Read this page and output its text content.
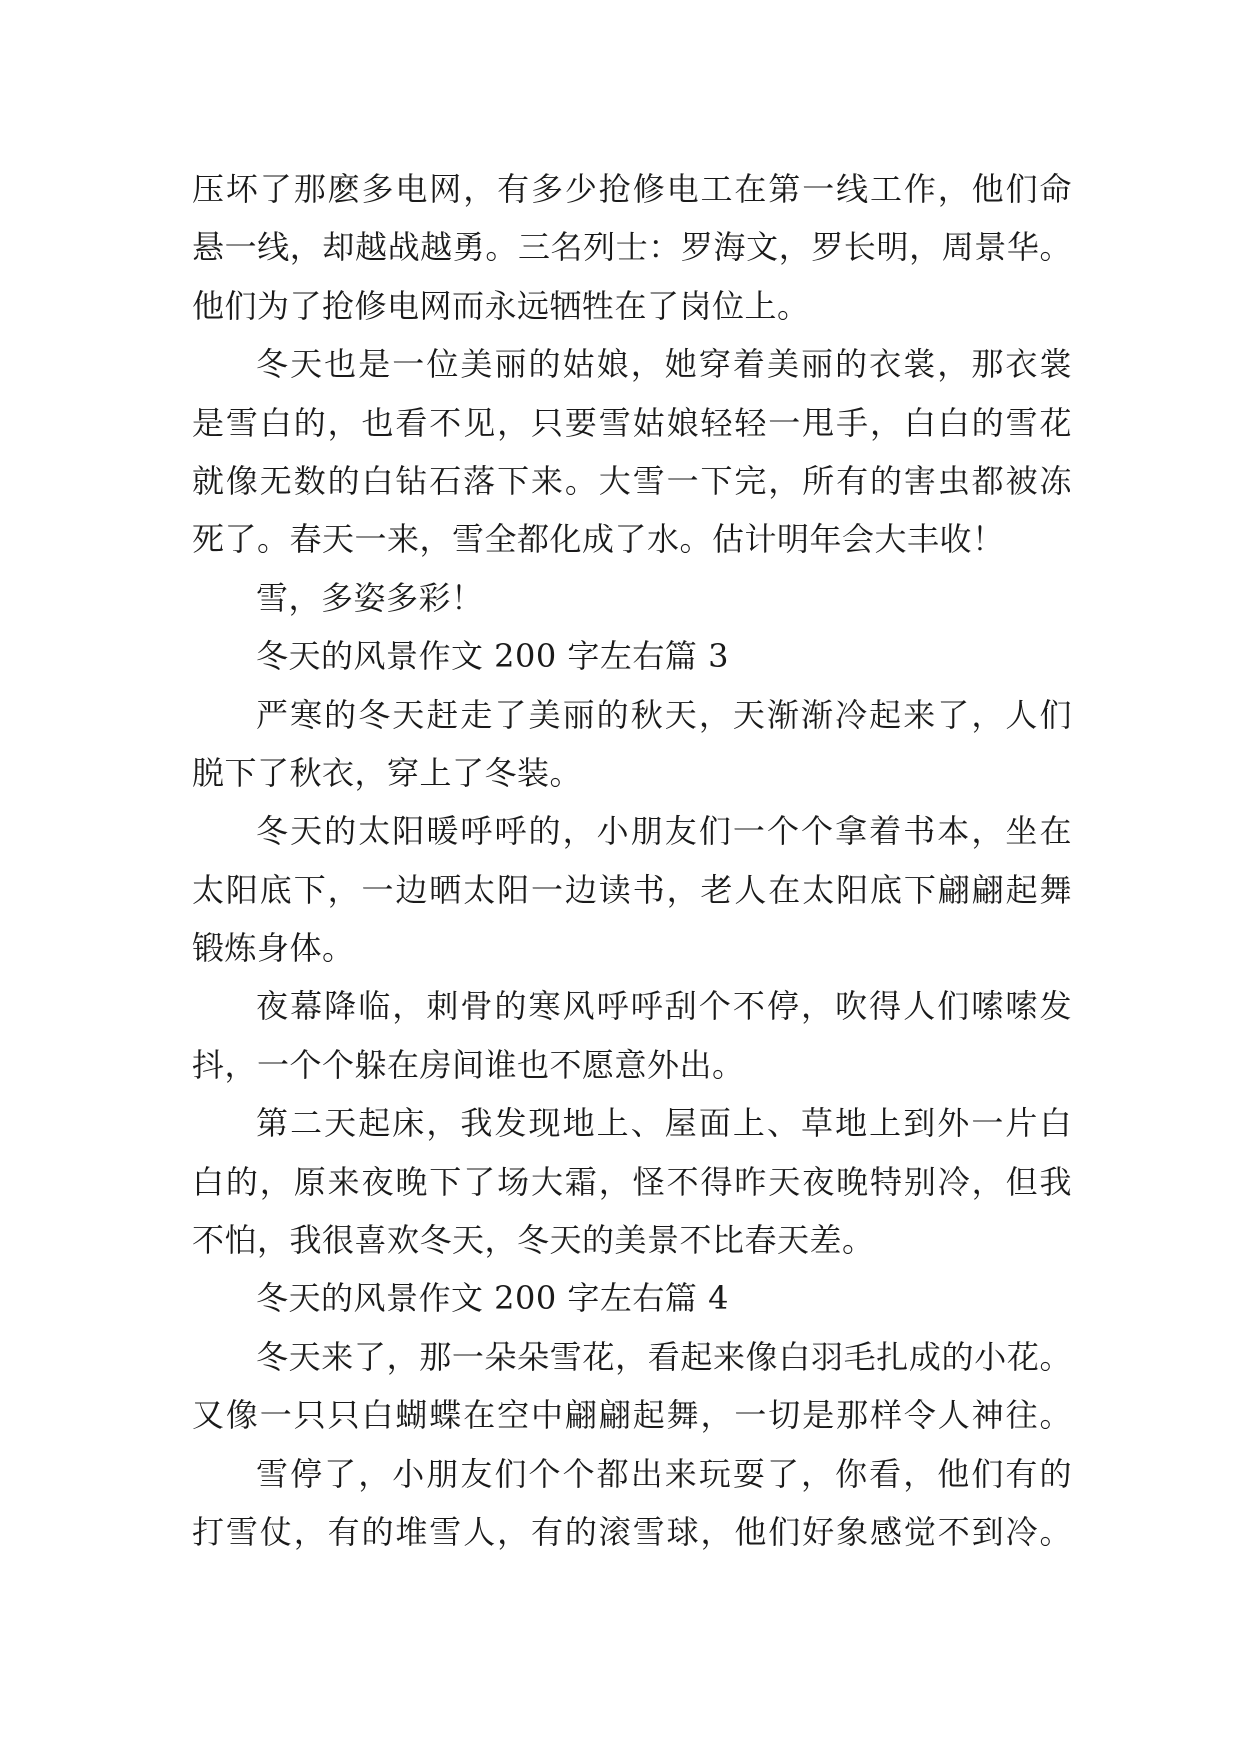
压坏了那麽多电网，有多少抢修电工在第一线工作，他们命
悬一线，却越战越勇。三名列士：罗海文，罗长明，周景华。
他们为了抢修电网而永远牺牲在了岗位上。
冬天也是一位美丽的姑娘，她穿着美丽的衣裳，那衣裳
是雪白的，也看不见，只要雪姑娘轻轻一甩手，白白的雪花
就像无数的白钻石落下来。大雪一下完，所有的害虫都被冻
死了。春天一来，雪全都化成了水。估计明年会大丰收！
雪，多姿多彩！
冬天的风景作文 200 字左右篇 3
严寒的冬天赶走了美丽的秋天，天渐渐冷起来了，人们
脱下了秋衣，穿上了冬装。
冬天的太阳暖呼呼的，小朋友们一个个拿着书本，坐在
太阳底下，一边晒太阳一边读书，老人在太阳底下翩翩起舞
锻炼身体。
夜幕降临，刺骨的寒风呼呼刮个不停，吹得人们嗦嗦发
抖，一个个躲在房间谁也不愿意外出。
第二天起床，我发现地上、屋面上、草地上到外一片白
白的，原来夜晚下了场大霜，怪不得昨天夜晚特别冷，但我
不怕，我很喜欢冬天，冬天的美景不比春天差。
冬天的风景作文 200 字左右篇 4
冬天来了，那一朵朵雪花，看起来像白羽毛扎成的小花。
又像一只只白蝴蝶在空中翩翩起舞，一切是那样令人神往。
雪停了，小朋友们个个都出来玩耍了，你看，他们有的
打雪仗，有的堆雪人，有的滚雪球，他们好象感觉不到冷。
